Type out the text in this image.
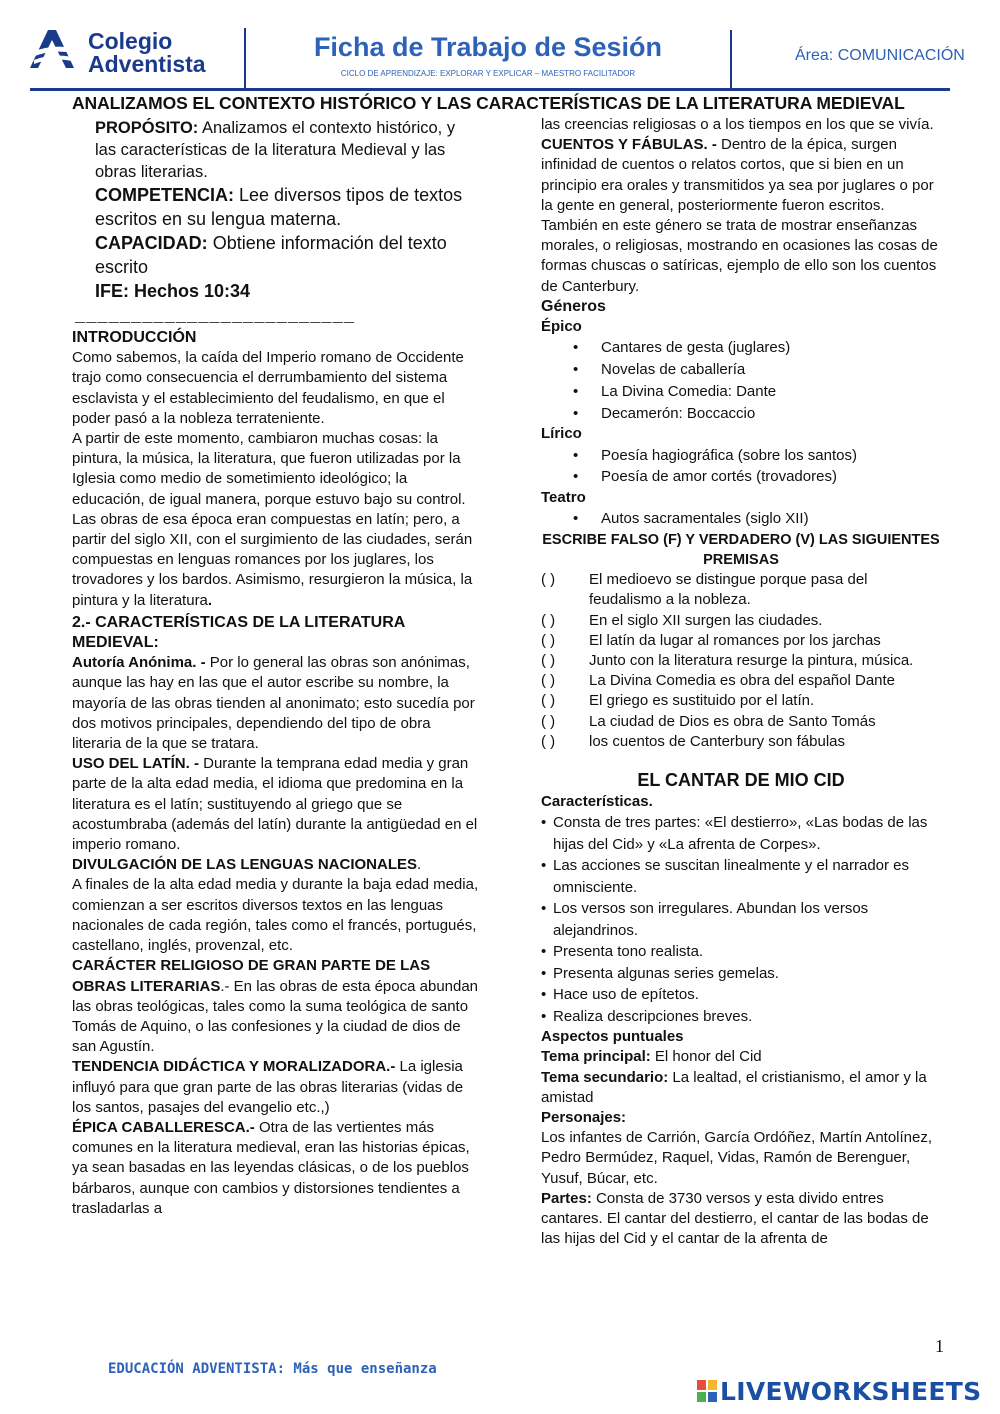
Colegio
Adventista
Ficha de Trabajo de Sesión
CICLO DE APRENDIZAJE: EXPLORAR Y EXPLICAR – MAESTRO FACILITADOR
Área: COMUNICACIÓN
ANALIZAMOS EL CONTEXTO HISTÓRICO Y LAS CARACTERÍSTICAS DE LA LITERATURA MEDIEVAL
PROPÓSITO: Analizamos el contexto histórico, y las características de la literatura Medieval y las obras literarias.
COMPETENCIA: Lee diversos tipos de textos escritos en su lengua materna.
CAPACIDAD: Obtiene información del texto escrito
IFE: Hechos 10:34
_________________________
INTRODUCCIÓN

Como sabemos, la caída del Imperio romano de Occidente trajo como consecuencia el derrumbamiento del sistema esclavista y el establecimiento del feudalismo, en que el poder pasó a la nobleza terrateniente.

A partir de este momento, cambiaron muchas cosas: la pintura, la música, la literatura, que fueron utilizadas por la Iglesia como medio de sometimiento ideológico; la educación, de igual manera, porque estuvo bajo su control. Las obras de esa época eran compuestas en latín; pero, a partir del siglo XII, con el surgimiento de las ciudades, serán compuestas en lenguas romances por los juglares, los trovadores y los bardos. Asimismo, resurgieron la música, la pintura y la literatura.

2.- CARACTERÍSTICAS DE LA LITERATURA MEDIEVAL:

Autoría Anónima. - Por lo general las obras son anónimas, aunque las hay en las que el autor escribe su nombre, la mayoría de las obras tienden al anonimato; esto sucedía por dos motivos principales, dependiendo del tipo de obra literaria de la que se tratara.

USO DEL LATÍN. - Durante la temprana edad media y gran parte de la alta edad media, el idioma que predomina en la literatura es el latín; sustituyendo al griego que se acostumbraba (además del latín) durante la antigüedad en el imperio romano.

DIVULGACIÓN DE LAS LENGUAS NACIONALES.
A finales de la alta edad media y durante la baja edad media, comienzan a ser escritos diversos textos en las lenguas nacionales de cada región, tales como el francés, portugués, castellano, inglés, provenzal, etc.

CARÁCTER RELIGIOSO DE GRAN PARTE DE LAS OBRAS LITERARIAS.- En las obras de esta época abundan las obras teológicas, tales como la suma teológica de santo Tomás de Aquino, o las confesiones y la ciudad de dios de san Agustín.

TENDENCIA DIDÁCTICA Y MORALIZADORA.- La iglesia influyó para que gran parte de las obras literarias (vidas de los santos, pasajes del evangelio etc.,)

ÉPICA CABALLERESCA.- Otra de las vertientes más comunes en la literatura medieval, eran las historias épicas, ya sean basadas en las leyendas clásicas, o de los pueblos bárbaros, aunque con cambios y distorsiones tendientes a trasladarlas a

las creencias religiosas o a los tiempos en los que se vivía.

CUENTOS Y FÁBULAS. - Dentro de la épica, surgen infinidad de cuentos o relatos cortos, que si bien en un principio era orales y transmitidos ya sea por juglares o por la gente en general, posteriormente fueron escritos. También en este género se trata de mostrar enseñanzas morales, o religiosas, mostrando en ocasiones las cosas de formas chuscas o satíricas, ejemplo de ello son los cuentos de Canterbury.

Géneros
Épico
• Cantares de gesta (juglares)
• Novelas de caballería
• La Divina Comedia: Dante
• Decamerón: Boccaccio
Lírico
• Poesía hagiográfica (sobre los santos)
• Poesía de amor cortés (trovadores)
Teatro
• Autos sacramentales (siglo XII)
ESCRIBE FALSO (F) Y VERDADERO (V) LAS SIGUIENTES PREMISAS
( )	El medioevo se distingue porque pasa del feudalismo a la nobleza.
( )	En el siglo XII surgen las ciudades.
( )	El latín da lugar al romances por los jarchas
( )	Junto con la literatura resurge la pintura, música.
( )	La Divina Comedia es obra del español Dante
( )	El griego es sustituido por el latín.
( )	La ciudad de Dios es obra de Santo Tomás
( )	los cuentos de Canterbury son fábulas
EL CANTAR DE MIO CID
Características.
• Consta de tres partes: «El destierro», «Las bodas de las hijas del Cid» y «La afrenta de Corpes».
• Las acciones se suscitan linealmente y el narrador es omnisciente.
• Los versos son irregulares. Abundan los versos alejandrinos.
• Presenta tono realista.
• Presenta algunas series gemelas.
• Hace uso de epítetos.
• Realiza descripciones breves.
Aspectos puntuales

Tema principal: El honor del Cid

Tema secundario: La lealtad, el cristianismo, el amor y la amistad

Personajes:

Los infantes de Carrión, García Ordóñez, Martín Antolínez, Pedro Bermúdez, Raquel, Vidas, Ramón de Berenguer, Yusuf, Búcar, etc.

Partes: Consta de 3730 versos y esta divido entres cantares. El cantar del destierro, el cantar de las bodas de las hijas del Cid y el cantar de la afrenta de

1
EDUCACIÓN ADVENTISTA: Más que enseñanza
LIVEWORKSHEETS
